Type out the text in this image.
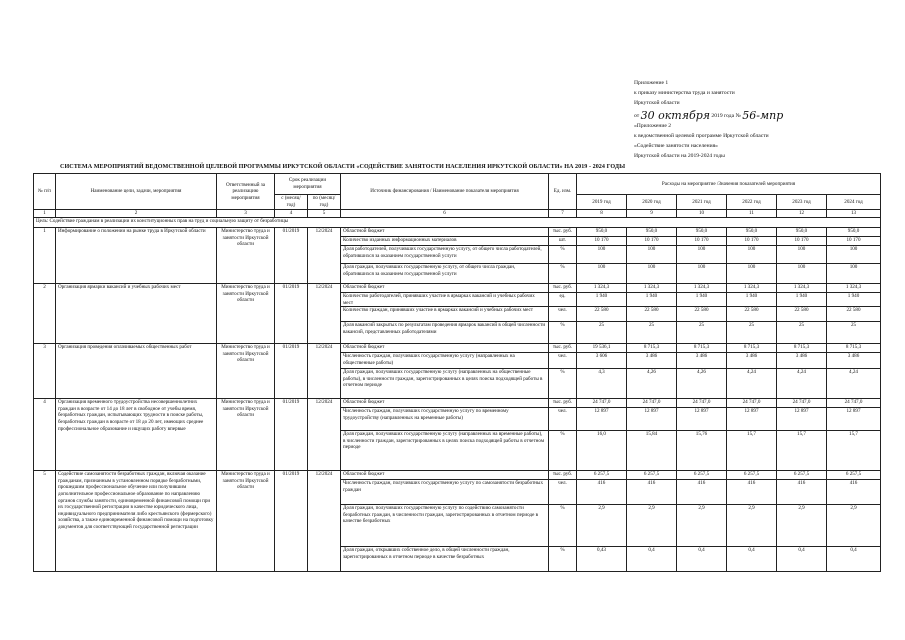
Приложение 1
к приказу министерства труда и занятости
Иркутской области
от 30 октября 2019 года № 56-мпр
«Приложение 2
к ведомственной целевой программе Иркутской области
«Содействие занятости населения»
Иркутской области на 2019-2024 годы
СИСТЕМА МЕРОПРИЯТИЙ ВЕДОМСТВЕННОЙ ЦЕЛЕВОЙ ПРОГРАММЫ ИРКУТСКОЙ ОБЛАСТИ «СОДЕЙСТВИЕ ЗАНЯТОСТИ НАСЕЛЕНИЯ ИРКУТСКОЙ ОБЛАСТИ» НА 2019 - 2024 ГОДЫ
№ п/п	Наименование цели, задачи, мероприятия	Ответственный за реализацию мероприятия	Срок реализации мероприятия		Источник финансирования / Наименование показателя мероприятия	Ед. изм.	Расходы на мероприятие /Значения показателей мероприятия					
			с (месяц/ год)	по (месяц/ год)			2019 год	2020 год	2021 год	2022 год	2023 год	2024 год
1	2	3	4	5	6	7	8	9	10	11	12	13
Цель: Содействие гражданам в реализации их конституционных прав на труд и социальную защиту от безработицы												
1	Информирование о положении на рынке труда в Иркутской области	Министерство труда и занятости Иркутской области	01/2019	12/2024	Областной бюджет	тыс. руб.	950,0	950,0	950,0	950,0	950,0	950,0
					Количество изданных информационных материалов	шт.	10 170	10 170	10 170	10 170	10 170	10 170
					Доля работодателей, получивших государственную услугу, от общего числа работодателей, обратившихся за оказанием государственной услуги	%	100	100	100	100	100	100
					Доля граждан, получивших государственную услугу, от общего числа граждан, обратившихся за оказанием государственной услуги	%	100	100	100	100	100	100
2	Организация ярмарки вакансий и учебных рабочих мест	Министерство труда и занятости Иркутской области	01/2019	12/2024	Областной бюджет	тыс. руб.	1 324,3	1 324,3	1 324,3	1 324,3	1 324,3	1 324,3
					Количество работодателей, принявших участие в ярмарках вакансий и учебных рабочих мест	ед.	1 940	1 940	1 940	1 940	1 940	1 940
					Количество граждан, принявших участие в ярмарках вакансий и учебных рабочих мест	чел.	22 580	22 580	22 580	22 580	22 580	22 580
					Доля вакансий закрытых по результатам проведения ярмарок вакансий в общей численности вакансий, представленных работодателями	%	25	25	25	25	25	25
3	Организация проведения оплачиваемых общественных работ	Министерство труда и занятости Иркутской области	01/2019	12/2024	Областной бюджет	тыс. руб.	19 536,1	8 715,3	8 715,3	8 715,3	8 715,3	8 715,3
					Численность граждан, получивших государственную услугу (направленных на общественные работы)	чел.	3 606	3 486	3 486	3 486	3 486	3 486
					Доля граждан, получивших государственную услугу (направленных на общественные работы), в численности граждан, зарегистрированных в целях поиска подходящей работы в отчетном периоде	%	4,3	4,26	4,26	4,24	4,24	4,24
4	Организация временного трудоустройства несовершеннолетних граждан в возрасте от 14 до 18 лет в свободное от учебы время, безработных граждан, испытывающих трудности в поиске работы, безработных граждан в возрасте от 18 до 20 лет, имеющих среднее профессиональное образование и ищущих работу впервые	Министерство труда и занятости Иркутской области	01/2019	12/2024	Областной бюджет	тыс. руб.	24 747,0	24 747,0	24 747,0	24 747,0	24 747,0	24 747,0
					Численность граждан, получивших государственную услугу по временному трудоустройству (направленных на временные работы)	чел.	12 897	12 897	12 897	12 897	12 897	12 897
					Доля граждан, получивших государственную услугу (направленных на временные работы), в численности граждан, зарегистрированных в целях поиска подходящей работы в отчетном периоде	%	16,0	15,84	15,76	15,7	15,7	15,7
5	Содействие самозанятости безработных граждан, включая оказание гражданам, признанным в установленном порядке безработными, прошедшим профессиональное обучение или получившим дополнительное профессиональное образование по направлению органов службы занятости, единовременной финансовой помощи при их государственной регистрации в качестве юридического лица, индивидуального предпринимателя либо крестьянского (фермерского) хозяйства, а также единовременной финансовой помощи на подготовку документов для соответствующей государственной регистрации	Министерство труда и занятости Иркутской области	01/2019	12/2024	Областной бюджет	тыс. руб.	6 257,5	6 257,5	6 257,5	6 257,5	6 257,5	6 257,5
					Численность граждан, получивших государственную услугу по самозанятости безработных граждан	чел.	416	416	416	416	416	416
					Доля граждан, получивших государственную услугу по содействию самозанятости безработных граждан, в численности граждан, зарегистрированных в отчетном периоде в качестве безработных	%	2,9	2,9	2,9	2,9	2,9	2,9
					Доля граждан, открывших собственное дело, в общей численности граждан, зарегистрированных в отчетном периоде в качестве безработных	%	0,43	0,4	0,4	0,4	0,4	0,4
